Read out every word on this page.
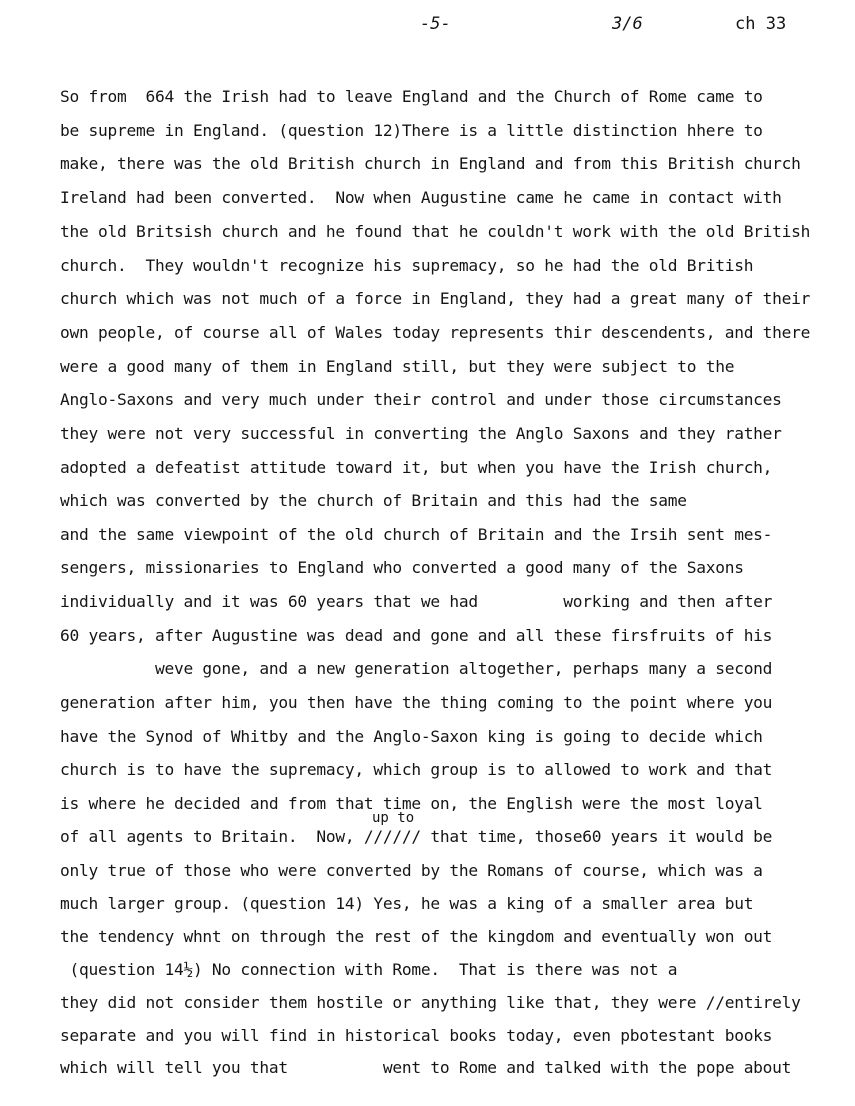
-5-	3/6	ch 33
So from  664 the Irish had to leave England and the Church of Rome came to
be supreme in England. (question 12)There is a little distinction hhere to
make, there was the old British church in England and from this British church
Ireland had been converted.  Now when Augustine came he came in contact with
the old Britsish church and he found that he couldn't work with the old British
church.  They wouldn't recognize his supremacy, so he had the old British
church which was not much of a force in England, they had a great many of their
own people, of course all of Wales today represents thir descendents, and there
were a good many of them in England still, but they were subject to the
Anglo-Saxons and very much under their control and under those circumstances
they were not very successful in converting the Anglo Saxons and they rather
adopted a defeatist attitude toward it, but when you have the Irish church,
which was converted by the church of Britain and this had the same
and the same viewpoint of the old church of Britain and the Irsih sent mes-
sengers, missionaries to England who converted a good many of the Saxons
individually and it was 60 years that we had         working and then after
60 years, after Augustine was dead and gone and all these firsfruits of his
weve gone, and a new generation altogether, perhaps many a second
generation after him, you then have the thing coming to the point where you
have the Synod of Whitby and the Anglo-Saxon king is going to decide which
church is to have the supremacy, which group is to allowed to work and that
is where he decided and from that time on, the English were the most loyal
up to
of all agents to Britain.  Now, ////// that time, those60 years it would be
only true of those who were converted by the Romans of course, which was a
much larger group. (question 14) Yes, he was a king of a smaller area but
the tendency whnt on through the rest of the kingdom and eventually won out
(question 14½) No connection with Rome.  That is there was not a
they did not consider them hostile or anything like that, they were //entirely
separate and you will find in historical books today, even pbotestant books
which will tell you that          went to Rome and talked with the pope about
